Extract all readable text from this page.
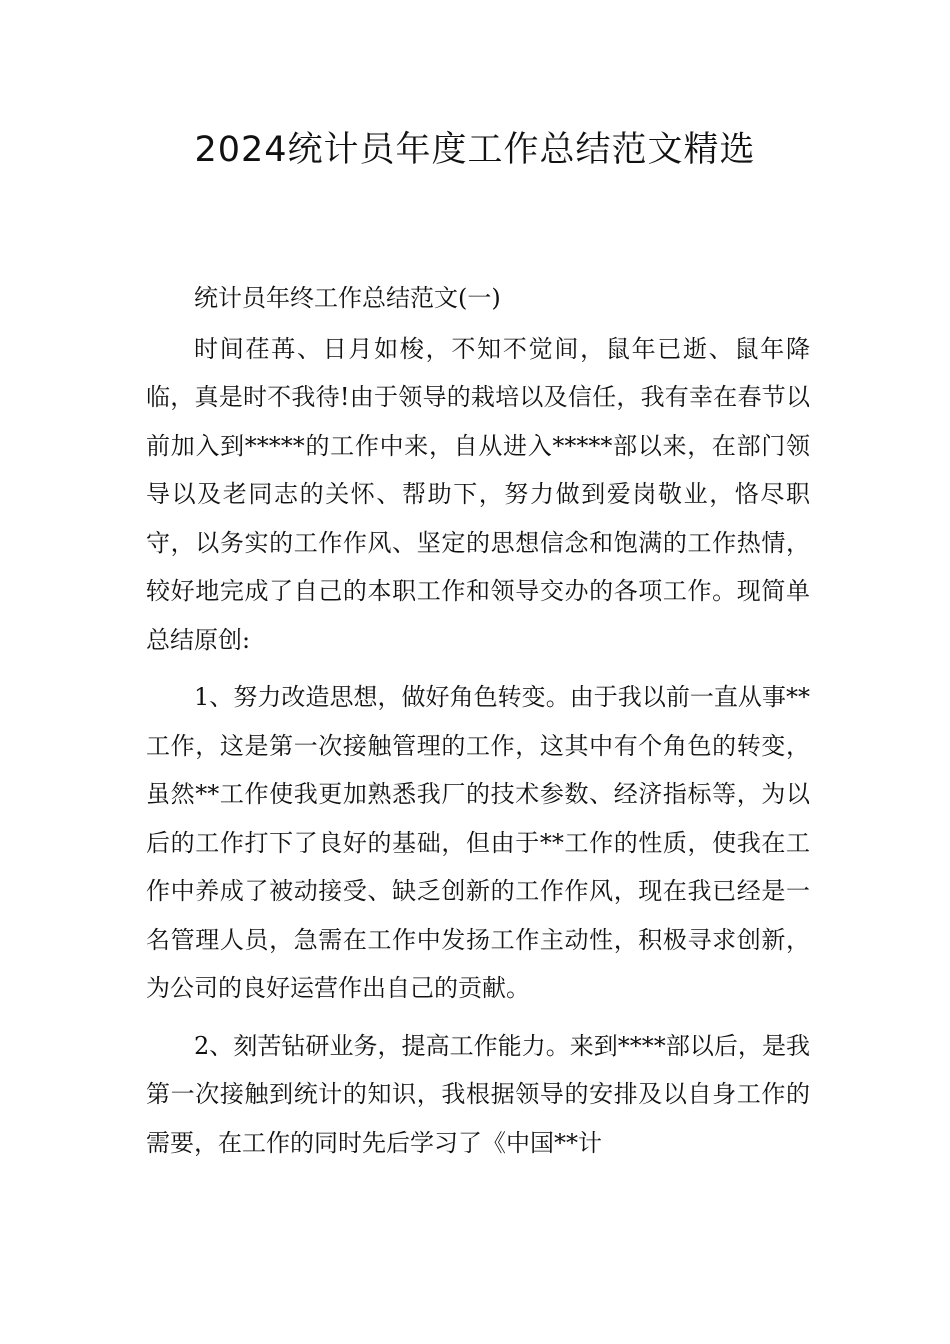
2024统计员年度工作总结范文精选

统计员年终工作总结范文(一)

时间荏苒、日月如梭，不知不觉间，鼠年已逝、鼠年降临，真是时不我待!由于领导的栽培以及信任，我有幸在春节以前加入到*****的工作中来，自从进入*****部以来，在部门领导以及老同志的关怀、帮助下，努力做到爱岗敬业，恪尽职守，以务实的工作作风、坚定的思想信念和饱满的工作热情，较好地完成了自己的本职工作和领导交办的各项工作。现简单总结原创:

1、努力改造思想，做好角色转变。由于我以前一直从事**工作，这是第一次接触管理的工作，这其中有个角色的转变，虽然**工作使我更加熟悉我厂的技术参数、经济指标等，为以后的工作打下了良好的基础，但由于**工作的性质，使我在工作中养成了被动接受、缺乏创新的工作作风，现在我已经是一名管理人员，急需在工作中发扬工作主动性，积极寻求创新，为公司的良好运营作出自己的贡献。

2、刻苦钻研业务，提高工作能力。来到****部以后，是我第一次接触到统计的知识，我根据领导的安排及以自身工作的需要，在工作的同时先后学习了《中国**计
